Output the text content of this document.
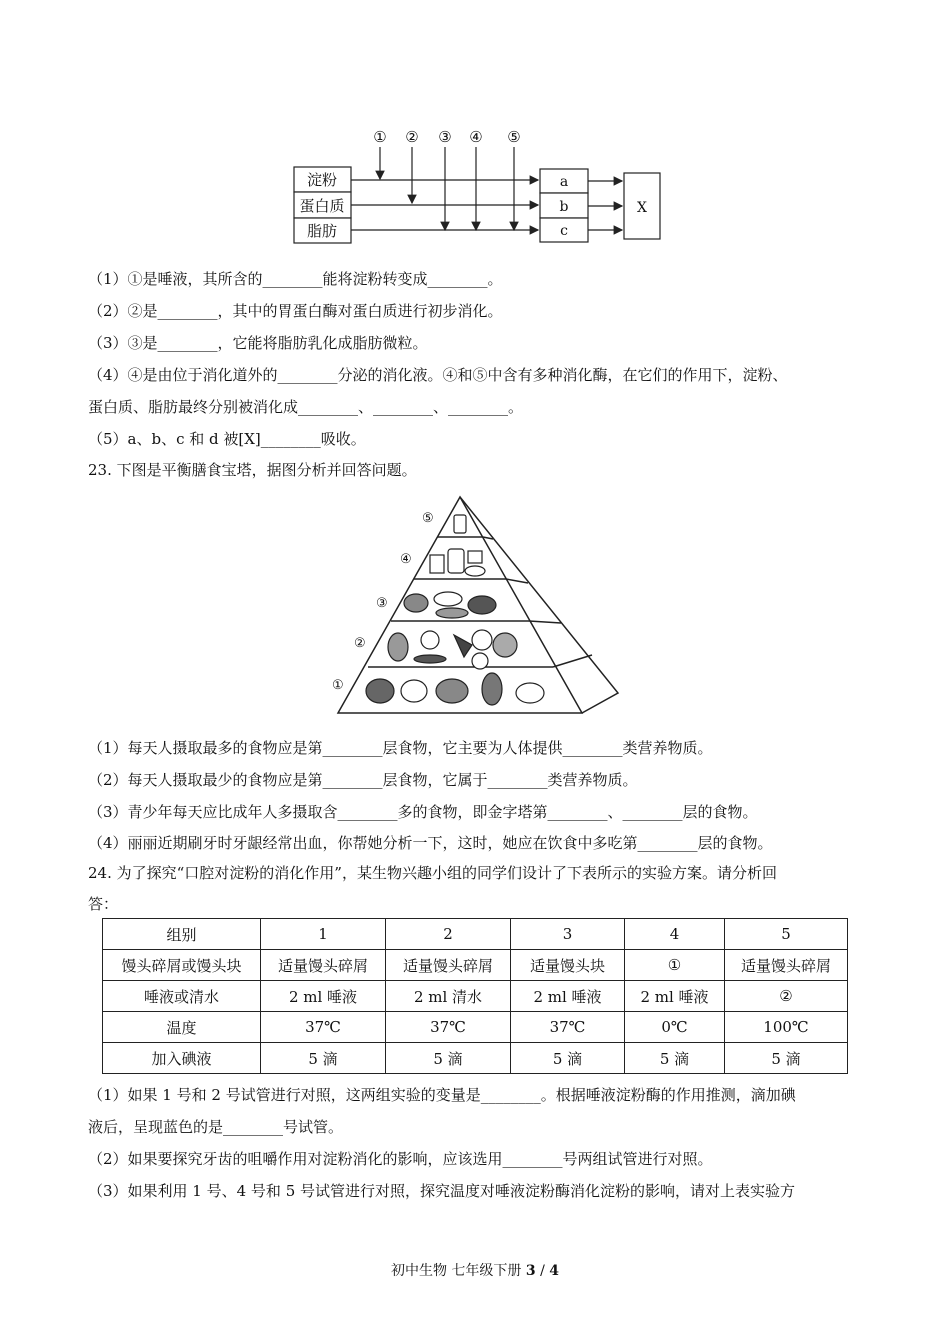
① ② ③ ④ ⑤
淀粉
蛋白质
脂肪
a
b
c
X
（1）①是唾液，其所含的________能将淀粉转变成________。
（2）②是________，其中的胃蛋白酶对蛋白质进行初步消化。
（3）③是________，它能将脂肪乳化成脂肪微粒。
（4）④是由位于消化道外的________分泌的消化液。④和⑤中含有多种消化酶，在它们的作用下，淀粉、
蛋白质、脂肪最终分别被消化成________、________、________。
（5）a、b、c 和 d 被[X]________吸收。
23. 下图是平衡膳食宝塔，据图分析并回答问题。
⑤
④
③
②
①
（1）每天人摄取最多的食物应是第________层食物，它主要为人体提供________类营养物质。
（2）每天人摄取最少的食物应是第________层食物，它属于________类营养物质。
（3）青少年每天应比成年人多摄取含________多的食物，即金字塔第________、________层的食物。
（4）丽丽近期刷牙时牙龈经常出血，你帮她分析一下，这时，她应在饮食中多吃第________层的食物。
24. 为了探究“口腔对淀粉的消化作用”，某生物兴趣小组的同学们设计了下表所示的实验方案。请分析回
答：
组别	1	2	3	4	5
馒头碎屑或馒头块	适量馒头碎屑	适量馒头碎屑	适量馒头块	①	适量馒头碎屑
唾液或清水	2 ml 唾液	2 ml 清水	2 ml 唾液	2 ml 唾液	②
温度	37℃	37℃	37℃	0℃	100℃
加入碘液	5 滴	5 滴	5 滴	5 滴	5 滴
（1）如果 1 号和 2 号试管进行对照，这两组实验的变量是________。根据唾液淀粉酶的作用推测，滴加碘
液后，呈现蓝色的是________号试管。
（2）如果要探究牙齿的咀嚼作用对淀粉消化的影响，应该选用________号两组试管进行对照。
（3）如果利用 1 号、4 号和 5 号试管进行对照，探究温度对唾液淀粉酶消化淀粉的影响，请对上表实验方
初中生物 七年级下册 3 / 4
